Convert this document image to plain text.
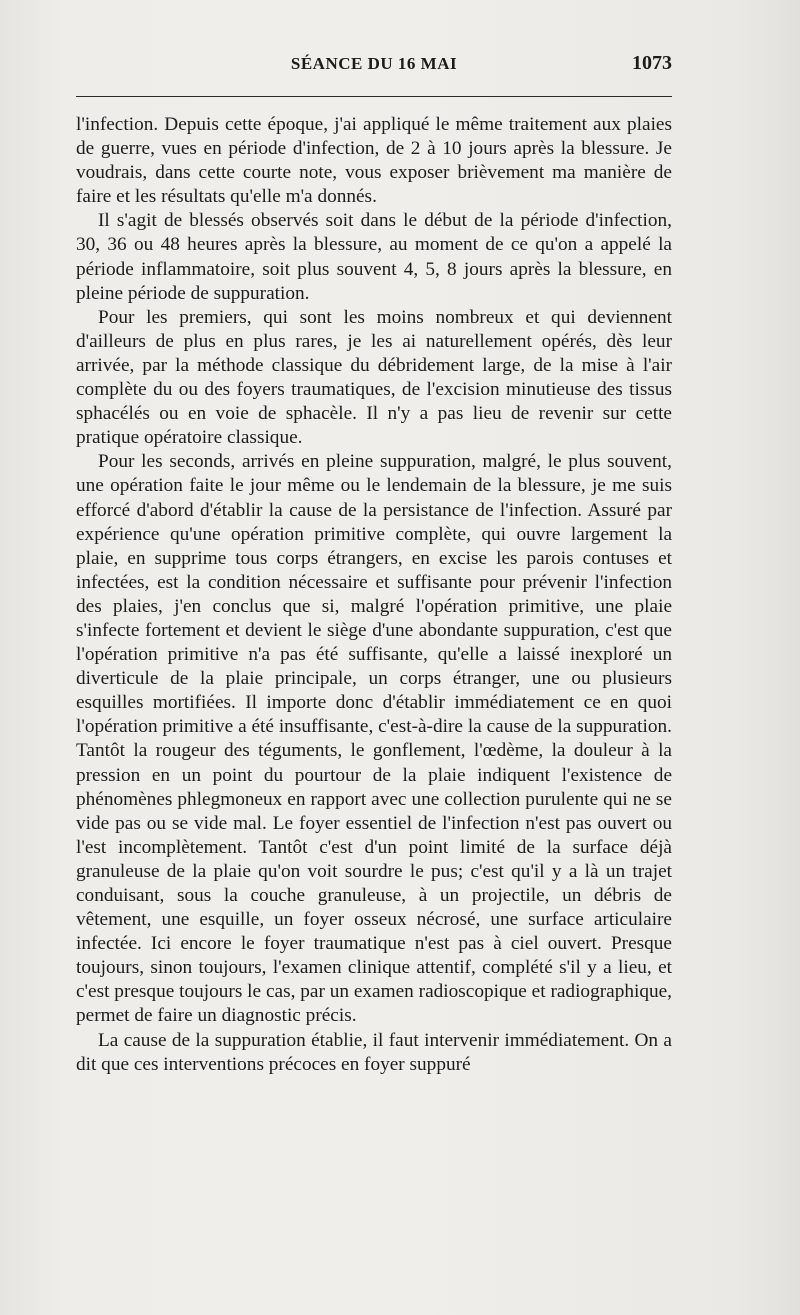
SÉANCE DU 16 MAI	1073

l'infection. Depuis cette époque, j'ai appliqué le même traitement aux plaies de guerre, vues en période d'infection, de 2 à 10 jours après la blessure. Je voudrais, dans cette courte note, vous exposer brièvement ma manière de faire et les résultats qu'elle m'a donnés.

Il s'agit de blessés observés soit dans le début de la période d'infection, 30, 36 ou 48 heures après la blessure, au moment de ce qu'on a appelé la période inflammatoire, soit plus souvent 4, 5, 8 jours après la blessure, en pleine période de suppuration.

Pour les premiers, qui sont les moins nombreux et qui deviennent d'ailleurs de plus en plus rares, je les ai naturellement opérés, dès leur arrivée, par la méthode classique du débridement large, de la mise à l'air complète du ou des foyers traumatiques, de l'excision minutieuse des tissus sphacélés ou en voie de sphacèle. Il n'y a pas lieu de revenir sur cette pratique opératoire classique.

Pour les seconds, arrivés en pleine suppuration, malgré, le plus souvent, une opération faite le jour même ou le lendemain de la blessure, je me suis efforcé d'abord d'établir la cause de la persistance de l'infection. Assuré par expérience qu'une opération primitive complète, qui ouvre largement la plaie, en supprime tous corps étrangers, en excise les parois contuses et infectées, est la condition nécessaire et suffisante pour prévenir l'infection des plaies, j'en conclus que si, malgré l'opération primitive, une plaie s'infecte fortement et devient le siège d'une abondante suppuration, c'est que l'opération primitive n'a pas été suffisante, qu'elle a laissé inexploré un diverticule de la plaie principale, un corps étranger, une ou plusieurs esquilles mortifiées. Il importe donc d'établir immédiatement ce en quoi l'opération primitive a été insuffisante, c'est-à-dire la cause de la suppuration. Tantôt la rougeur des téguments, le gonflement, l'œdème, la douleur à la pression en un point du pourtour de la plaie indiquent l'existence de phénomènes phlegmoneux en rapport avec une collection purulente qui ne se vide pas ou se vide mal. Le foyer essentiel de l'infection n'est pas ouvert ou l'est incomplètement. Tantôt c'est d'un point limité de la surface déjà granuleuse de la plaie qu'on voit sourdre le pus; c'est qu'il y a là un trajet conduisant, sous la couche granuleuse, à un projectile, un débris de vêtement, une esquille, un foyer osseux nécrosé, une surface articulaire infectée. Ici encore le foyer traumatique n'est pas à ciel ouvert. Presque toujours, sinon toujours, l'examen clinique attentif, complété s'il y a lieu, et c'est presque toujours le cas, par un examen radioscopique et radiographique, permet de faire un diagnostic précis.

La cause de la suppuration établie, il faut intervenir immédiatement. On a dit que ces interventions précoces en foyer suppuré
